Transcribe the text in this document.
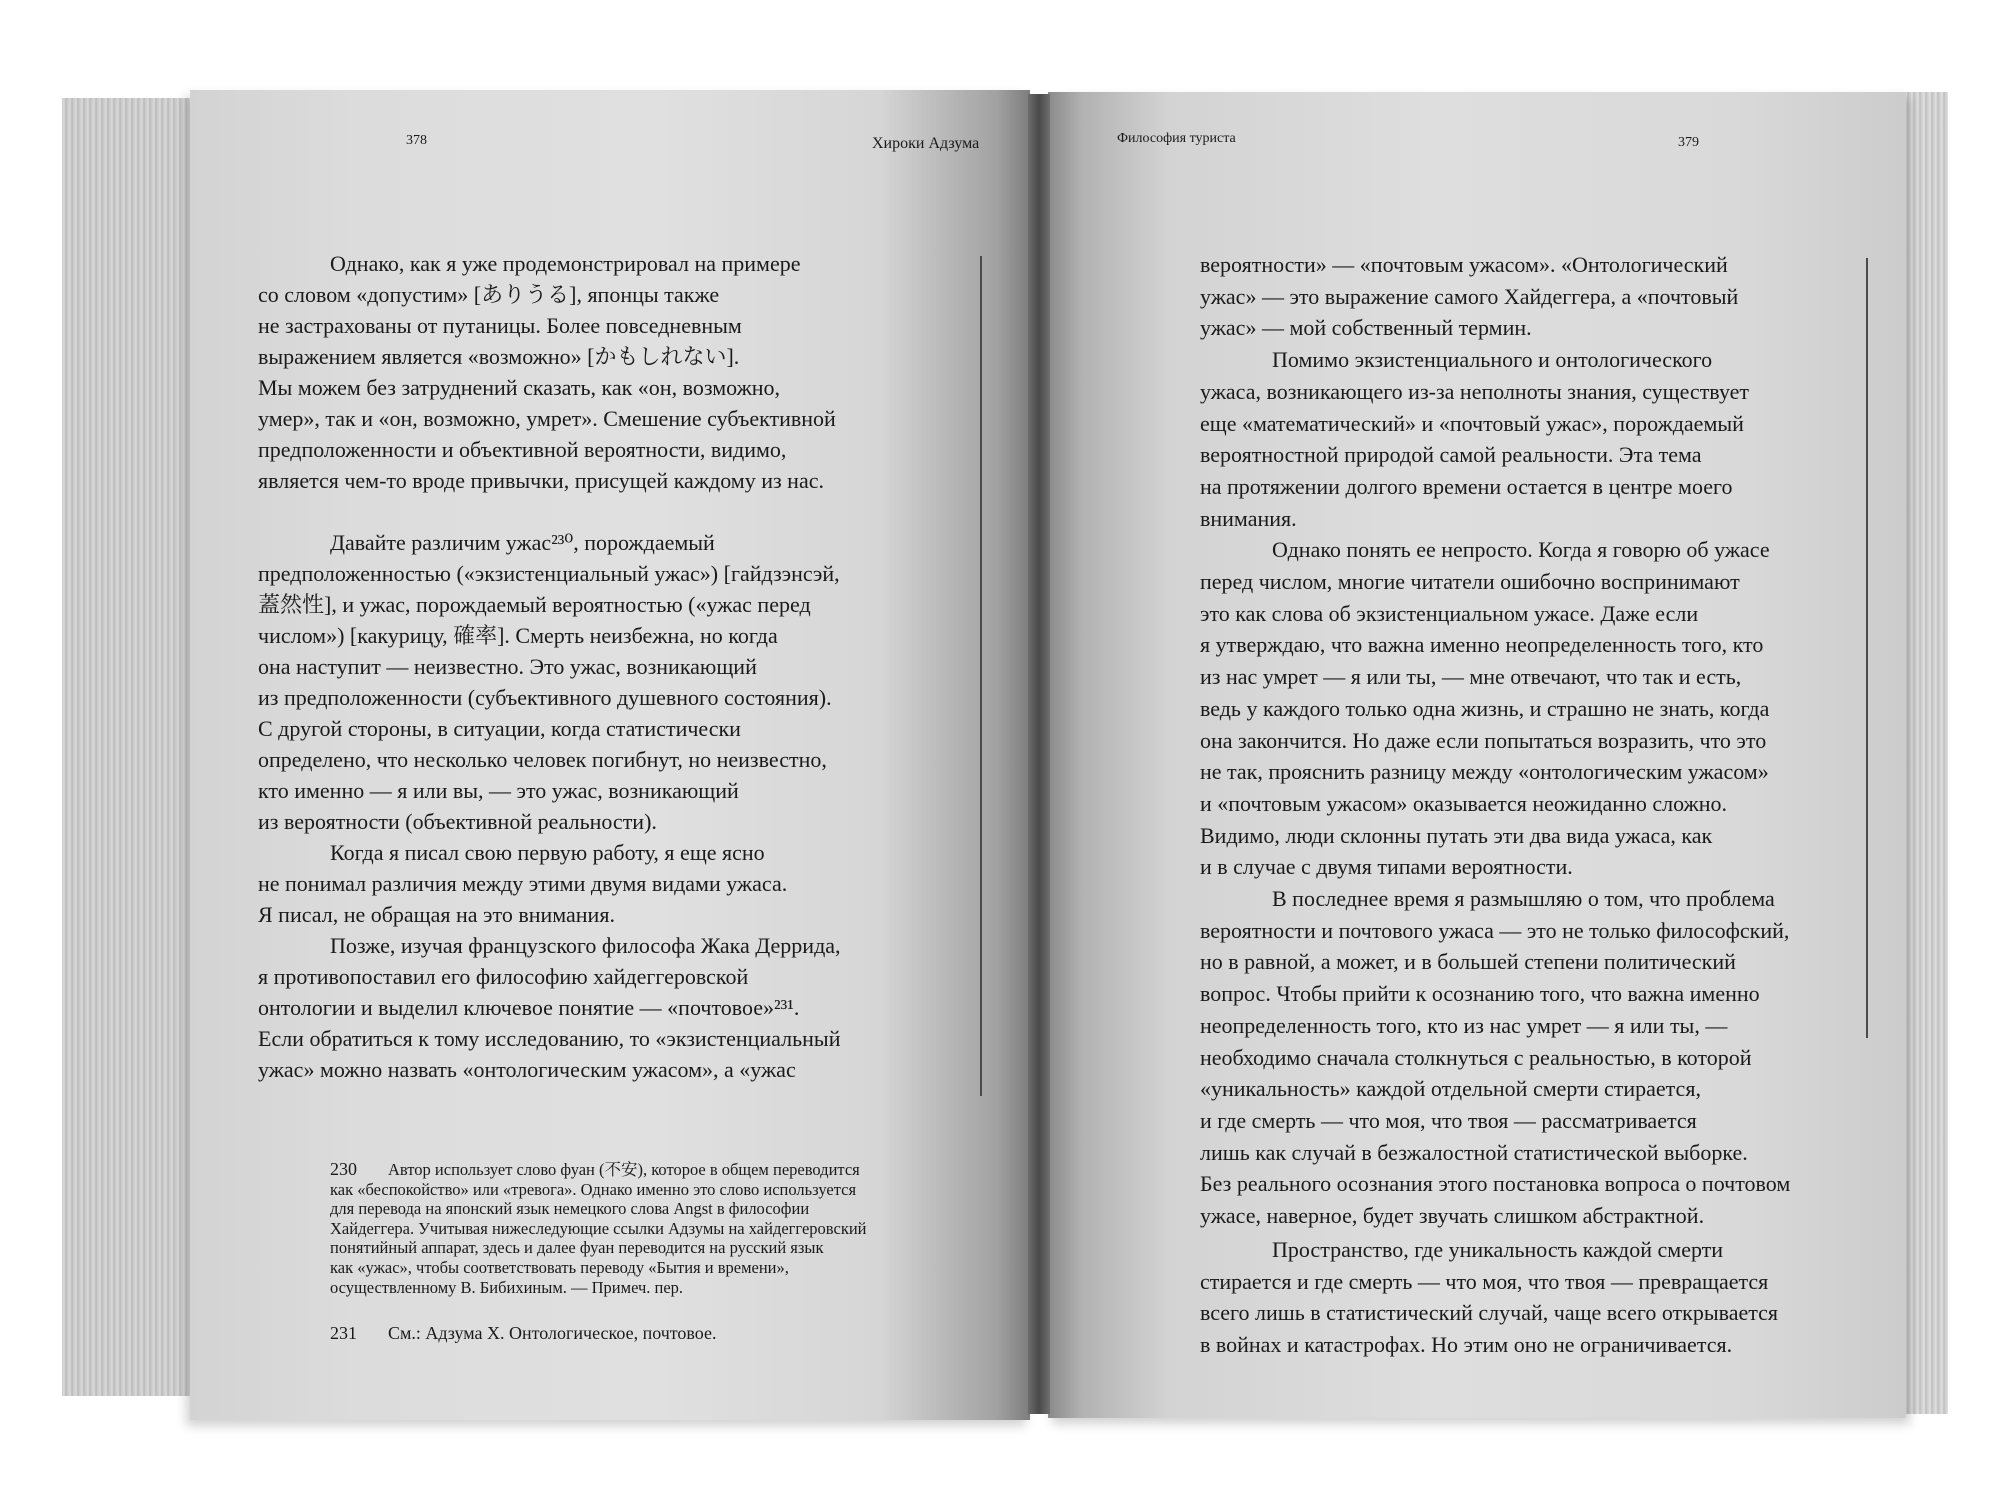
378	Хироки Адзума
Однако, как я уже продемонстрировал на примере
со словом «допустим» [ありうる], японцы также
не застрахованы от путаницы. Более повседневным
выражением является «возможно» [かもしれない].
Мы можем без затруднений сказать, как «он, возможно,
умер», так и «он, возможно, умрет». Смешение субъективной
предположенности и объективной вероятности, видимо,
является чем-то вроде привычки, присущей каждому из нас.
Давайте различим ужас²³⁰, порождаемый
предположенностью («экзистенциальный ужас») [гайдзэнсэй,
蓋然性], и ужас, порождаемый вероятностью («ужас перед
числом») [какурицу, 確率]. Смерть неизбежна, но когда
она наступит — неизвестно. Это ужас, возникающий
из предположенности (субъективного душевного состояния).
С другой стороны, в ситуации, когда статистически
определено, что несколько человек погибнут, но неизвестно,
кто именно — я или вы, — это ужас, возникающий
из вероятности (объективной реальности).
Когда я писал свою первую работу, я еще ясно
не понимал различия между этими двумя видами ужаса.
Я писал, не обращая на это внимания.
Позже, изучая французского философа Жака Деррида,
я противопоставил его философию хайдеггеровской
онтологии и выделил ключевое понятие — «почтовое»²³¹.
Если обратиться к тому исследованию, то «экзистенциальный
ужас» можно назвать «онтологическим ужасом», а «ужас
230 Автор использует слово фуан (不安), которое в общем переводится
как «беспокойство» или «тревога». Однако именно это слово используется
для перевода на японский язык немецкого слова Angst в философии
Хайдеггера. Учитывая нижеследующие ссылки Адзумы на хайдеггеровский
понятийный аппарат, здесь и далее фуан переводится на русский язык
как «ужас», чтобы соответствовать переводу «Бытия и времени»,
осуществленному В. Бибихиным. — Примеч. пер.
231 См.: Адзума Х. Онтологическое, почтовое.
Философия туриста	379
вероятности» — «почтовым ужасом». «Онтологический
ужас» — это выражение самого Хайдеггера, а «почтовый
ужас» — мой собственный термин.
Помимо экзистенциального и онтологического
ужаса, возникающего из-за неполноты знания, существует
еще «математический» и «почтовый ужас», порождаемый
вероятностной природой самой реальности. Эта тема
на протяжении долгого времени остается в центре моего
внимания.
Однако понять ее непросто. Когда я говорю об ужасе
перед числом, многие читатели ошибочно воспринимают
это как слова об экзистенциальном ужасе. Даже если
я утверждаю, что важна именно неопределенность того, кто
из нас умрет — я или ты, — мне отвечают, что так и есть,
ведь у каждого только одна жизнь, и страшно не знать, когда
она закончится. Но даже если попытаться возразить, что это
не так, прояснить разницу между «онтологическим ужасом»
и «почтовым ужасом» оказывается неожиданно сложно.
Видимо, люди склонны путать эти два вида ужаса, как
и в случае с двумя типами вероятности.
В последнее время я размышляю о том, что проблема
вероятности и почтового ужаса — это не только философский,
но в равной, а может, и в большей степени политический
вопрос. Чтобы прийти к осознанию того, что важна именно
неопределенность того, кто из нас умрет — я или ты, —
необходимо сначала столкнуться с реальностью, в которой
«уникальность» каждой отдельной смерти стирается,
и где смерть — что моя, что твоя — рассматривается
лишь как случай в безжалостной статистической выборке.
Без реального осознания этого постановка вопроса о почтовом
ужасе, наверное, будет звучать слишком абстрактной.
Пространство, где уникальность каждой смерти
стирается и где смерть — что моя, что твоя — превращается
всего лишь в статистический случай, чаще всего открывается
в войнах и катастрофах. Но этим оно не ограничивается.
